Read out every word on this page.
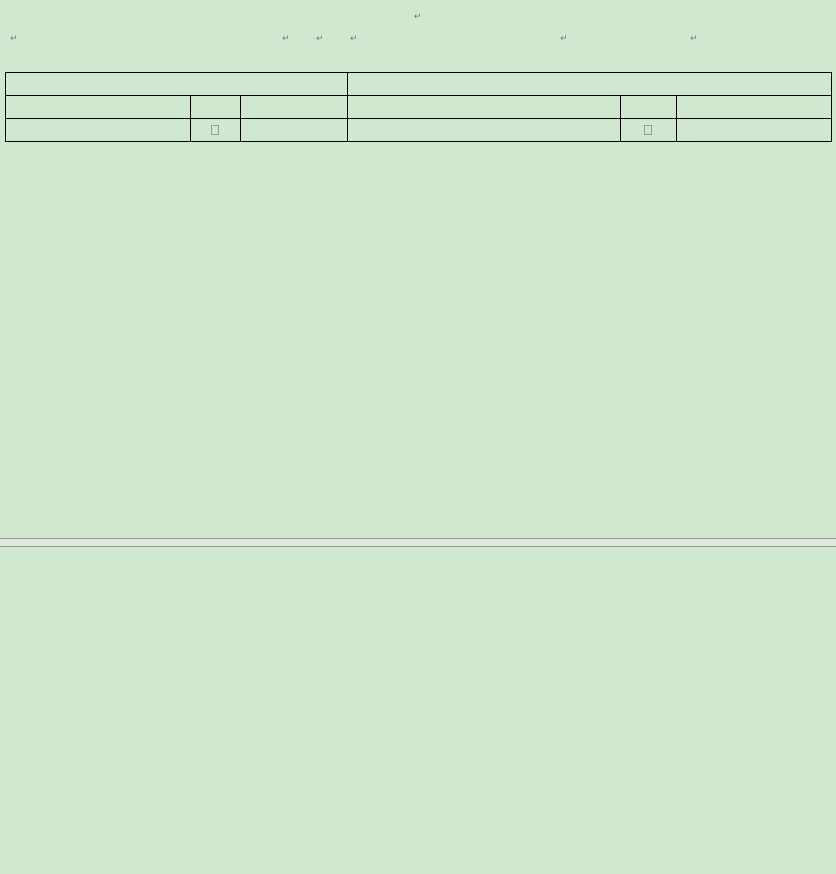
↵
↵	↵	↵	↵	↵	↵
